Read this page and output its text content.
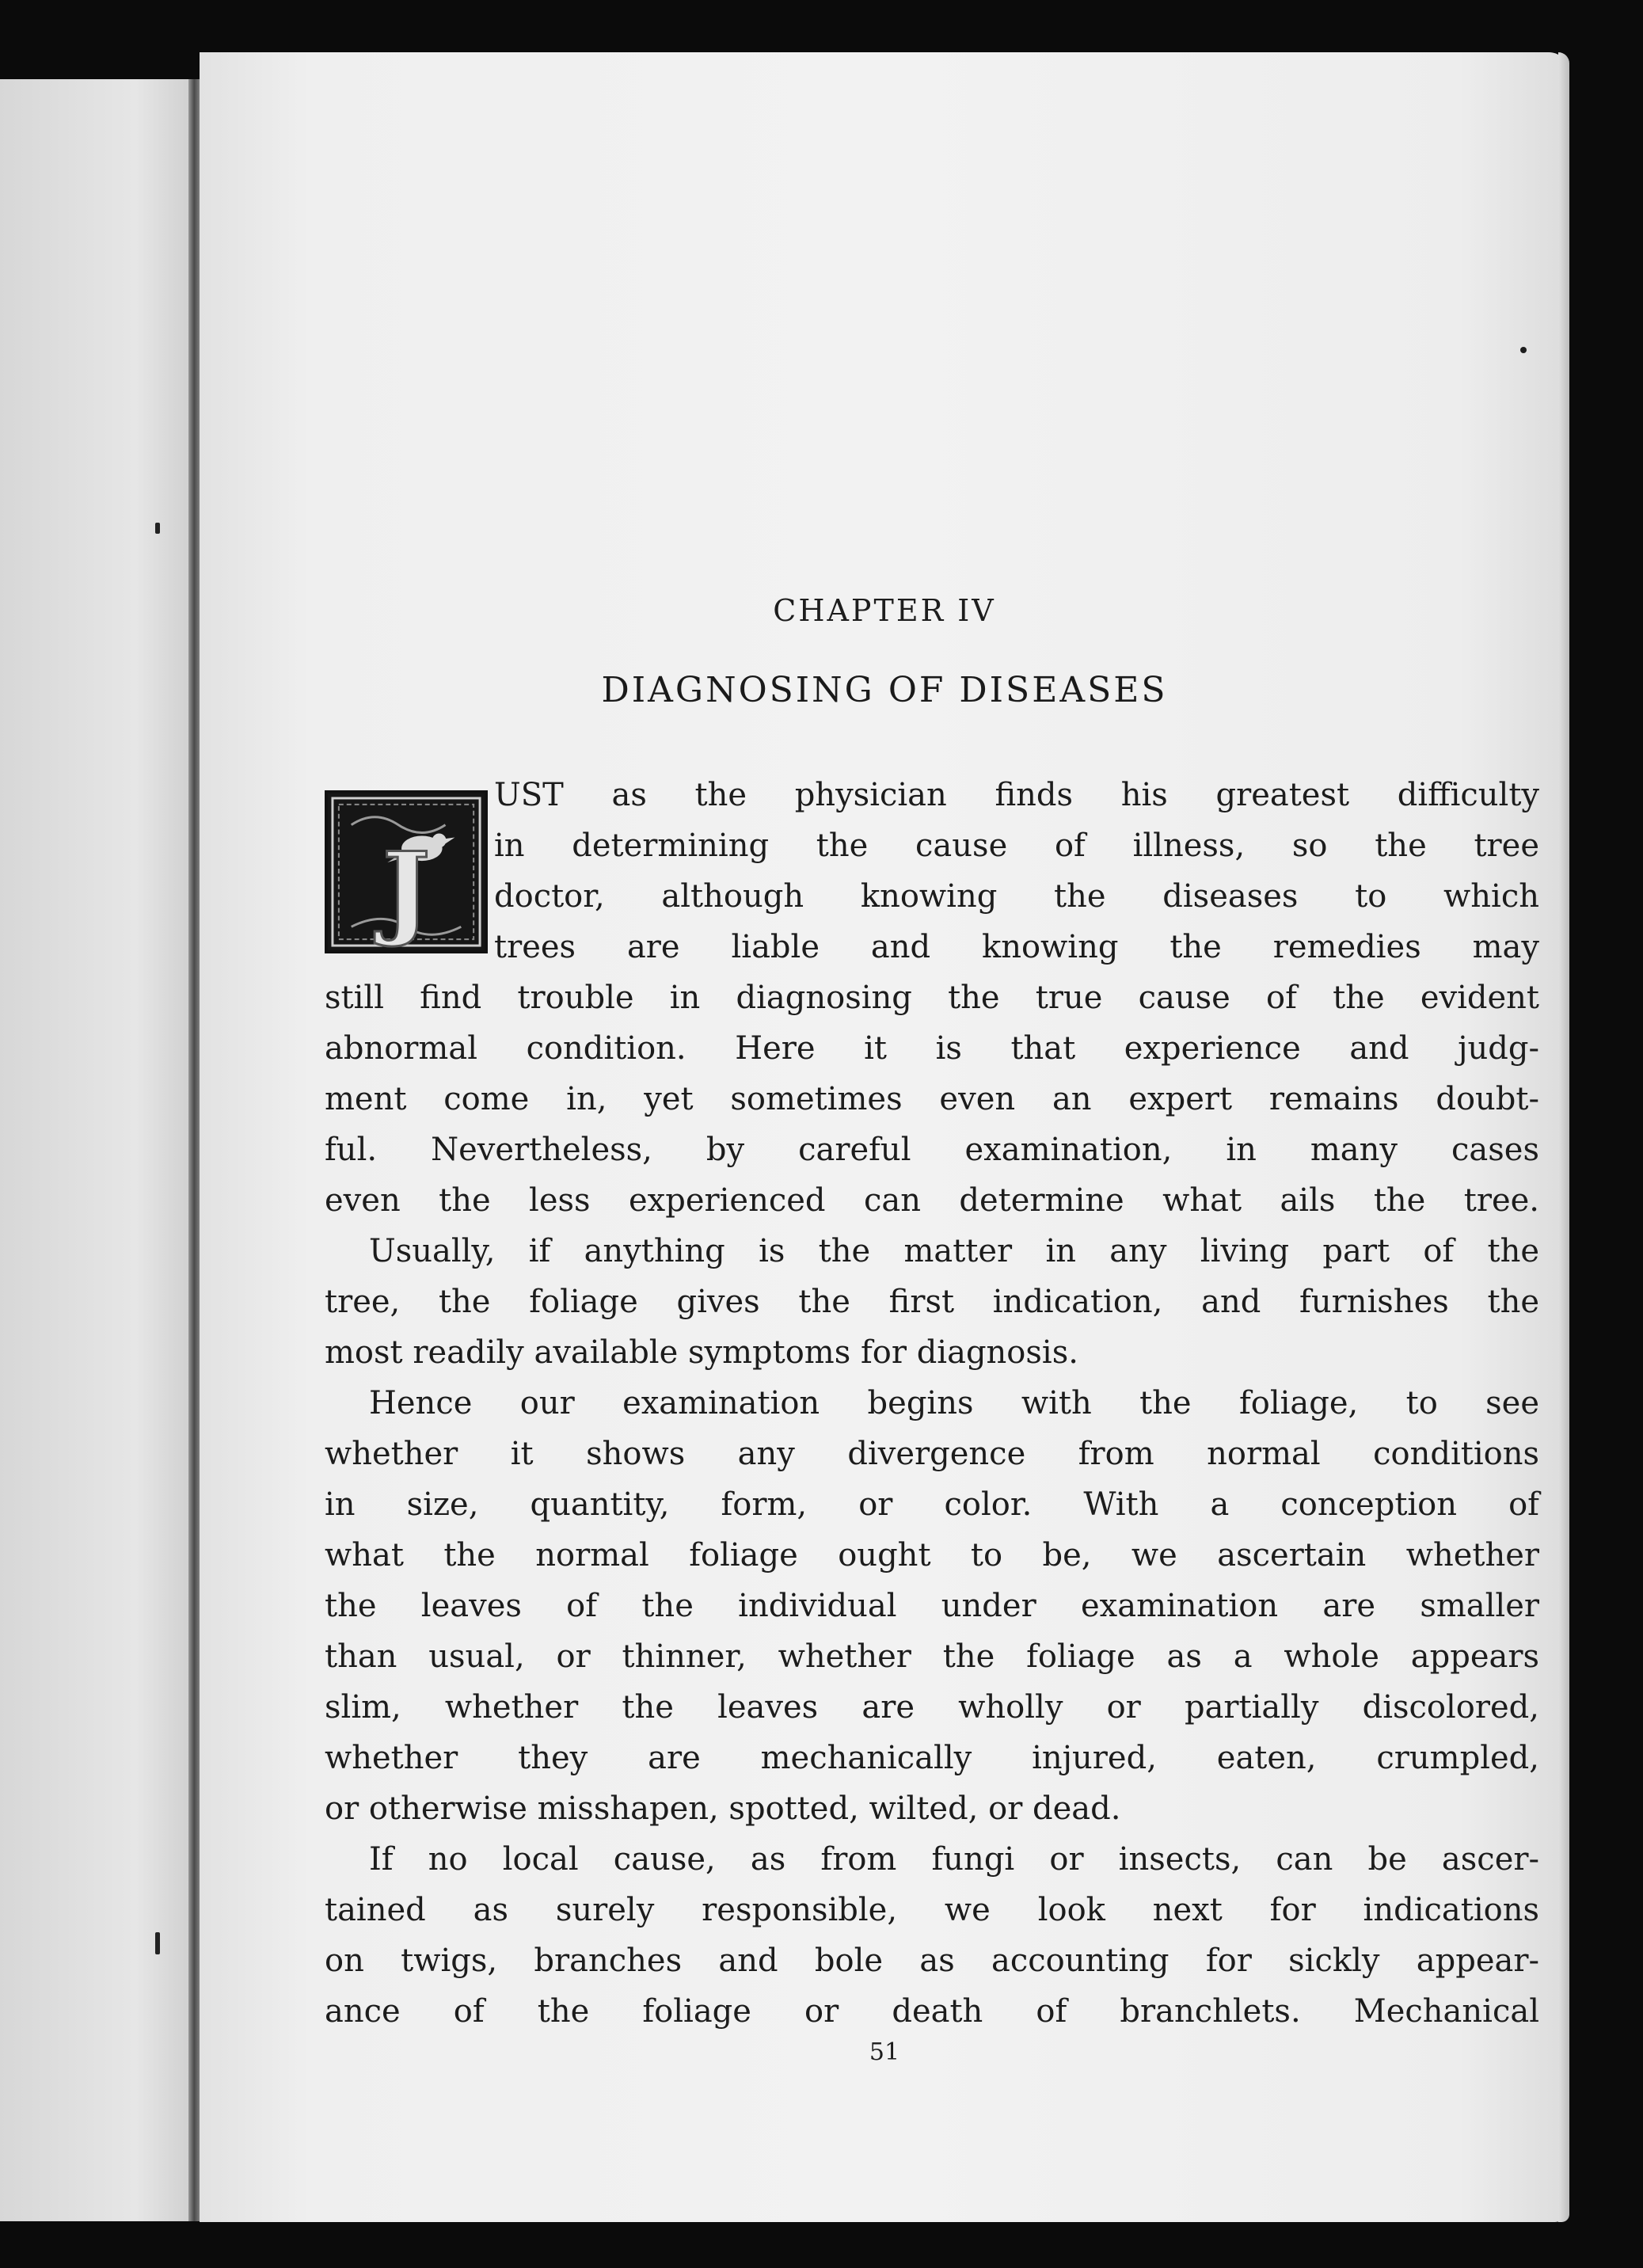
CHAPTER IV
DIAGNOSING OF DISEASES
J
UST as the physician finds his greatest difficulty
in determining the cause of illness, so the tree
doctor, although knowing the diseases to which
trees are liable and knowing the remedies may
still find trouble in diagnosing the true cause of the evident
abnormal condition. Here it is that experience and judg-
ment come in, yet sometimes even an expert remains doubt-
ful. Nevertheless, by careful examination, in many cases
even the less experienced can determine what ails the tree.
Usually, if anything is the matter in any living part of the
tree, the foliage gives the first indication, and furnishes the
most readily available symptoms for diagnosis.
Hence our examination begins with the foliage, to see
whether it shows any divergence from normal conditions
in size, quantity, form, or color. With a conception of
what the normal foliage ought to be, we ascertain whether
the leaves of the individual under examination are smaller
than usual, or thinner, whether the foliage as a whole appears
slim, whether the leaves are wholly or partially discolored,
whether they are mechanically injured, eaten, crumpled,
or otherwise misshapen, spotted, wilted, or dead.
If no local cause, as from fungi or insects, can be ascer-
tained as surely responsible, we look next for indications
on twigs, branches and bole as accounting for sickly appear-
ance of the foliage or death of branchlets. Mechanical
51
